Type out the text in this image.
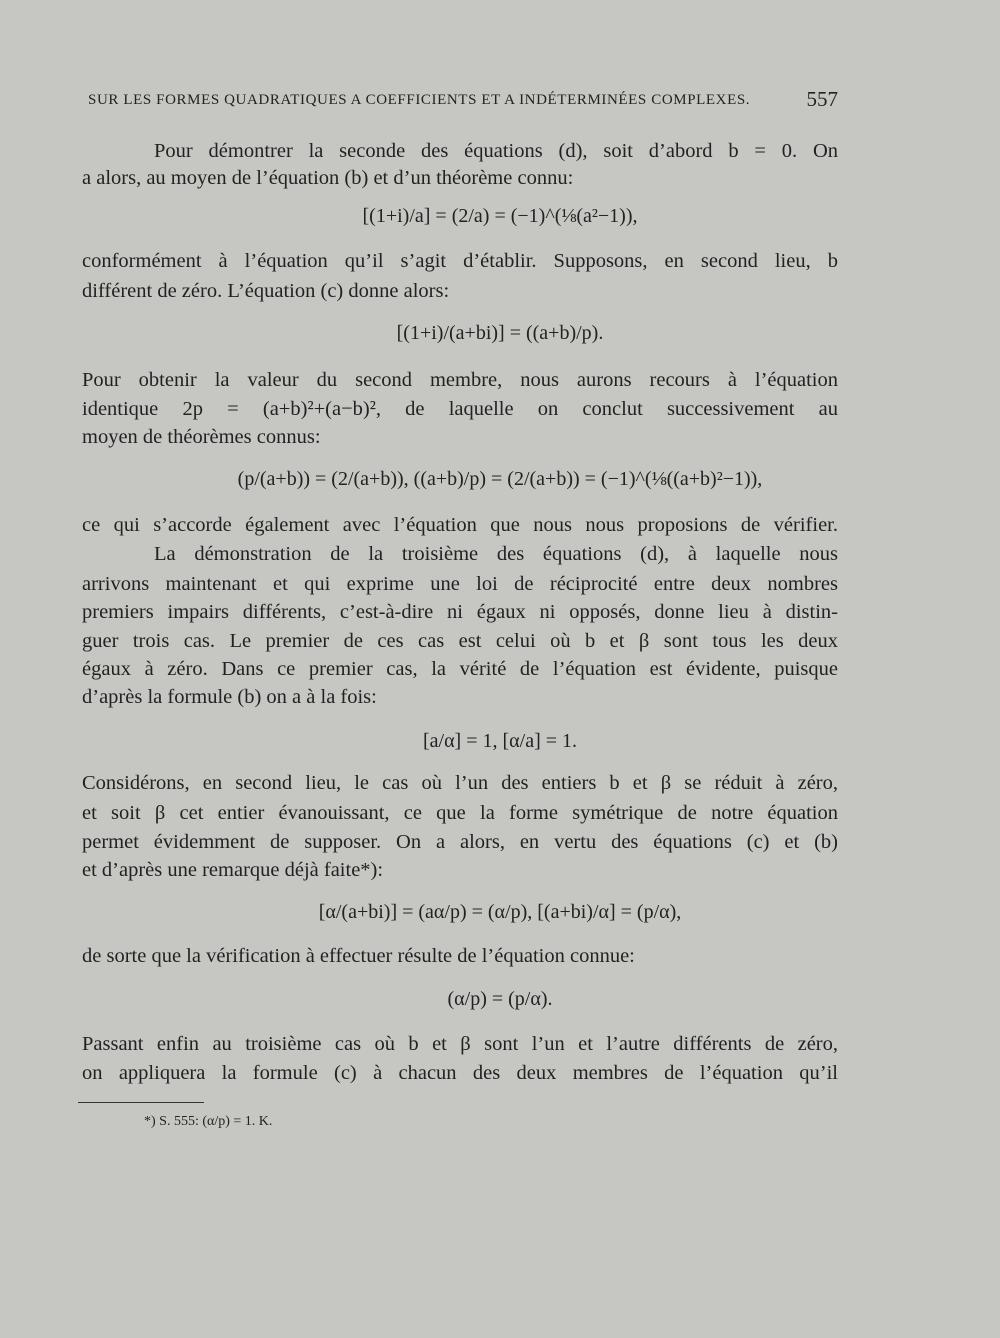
SUR LES FORMES QUADRATIQUES A COEFFICIENTS ET A INDÉTERMINÉES COMPLEXES.	557
Pour démontrer la seconde des équations (d), soit d’abord b = 0. On
a alors, au moyen de l’équation (b) et d’un théorème connu:
[(1+i)/a] = (2/a) = (−1)^(⅛(a²−1)),
conformément à l’équation qu’il s’agit d’établir. Supposons, en second lieu, b
différent de zéro. L’équation (c) donne alors:
[(1+i)/(a+bi)] = ((a+b)/p).
Pour obtenir la valeur du second membre, nous aurons recours à l’équation
identique 2p = (a+b)²+(a−b)², de laquelle on conclut successivement au
moyen de théorèmes connus:
(p/(a+b)) = (2/(a+b)), ((a+b)/p) = (2/(a+b)) = (−1)^(⅛((a+b)²−1)),
ce qui s’accorde également avec l’équation que nous nous proposions de vérifier.
La démonstration de la troisième des équations (d), à laquelle nous
arrivons maintenant et qui exprime une loi de réciprocité entre deux nombres
premiers impairs différents, c’est-à-dire ni égaux ni opposés, donne lieu à distin-
guer trois cas. Le premier de ces cas est celui où b et β sont tous les deux
égaux à zéro. Dans ce premier cas, la vérité de l’équation est évidente, puisque
d’après la formule (b) on a à la fois:
[a/α] = 1, [α/a] = 1.
Considérons, en second lieu, le cas où l’un des entiers b et β se réduit à zéro,
et soit β cet entier évanouissant, ce que la forme symétrique de notre équation
permet évidemment de supposer. On a alors, en vertu des équations (c) et (b)
et d’après une remarque déjà faite*):
[α/(a+bi)] = (aα/p) = (α/p), [(a+bi)/α] = (p/α),
de sorte que la vérification à effectuer résulte de l’équation connue:
(α/p) = (p/α).
Passant enfin au troisième cas où b et β sont l’un et l’autre différents de zéro,
on appliquera la formule (c) à chacun des deux membres de l’équation qu’il
*) S. 555: (α/p) = 1. K.
